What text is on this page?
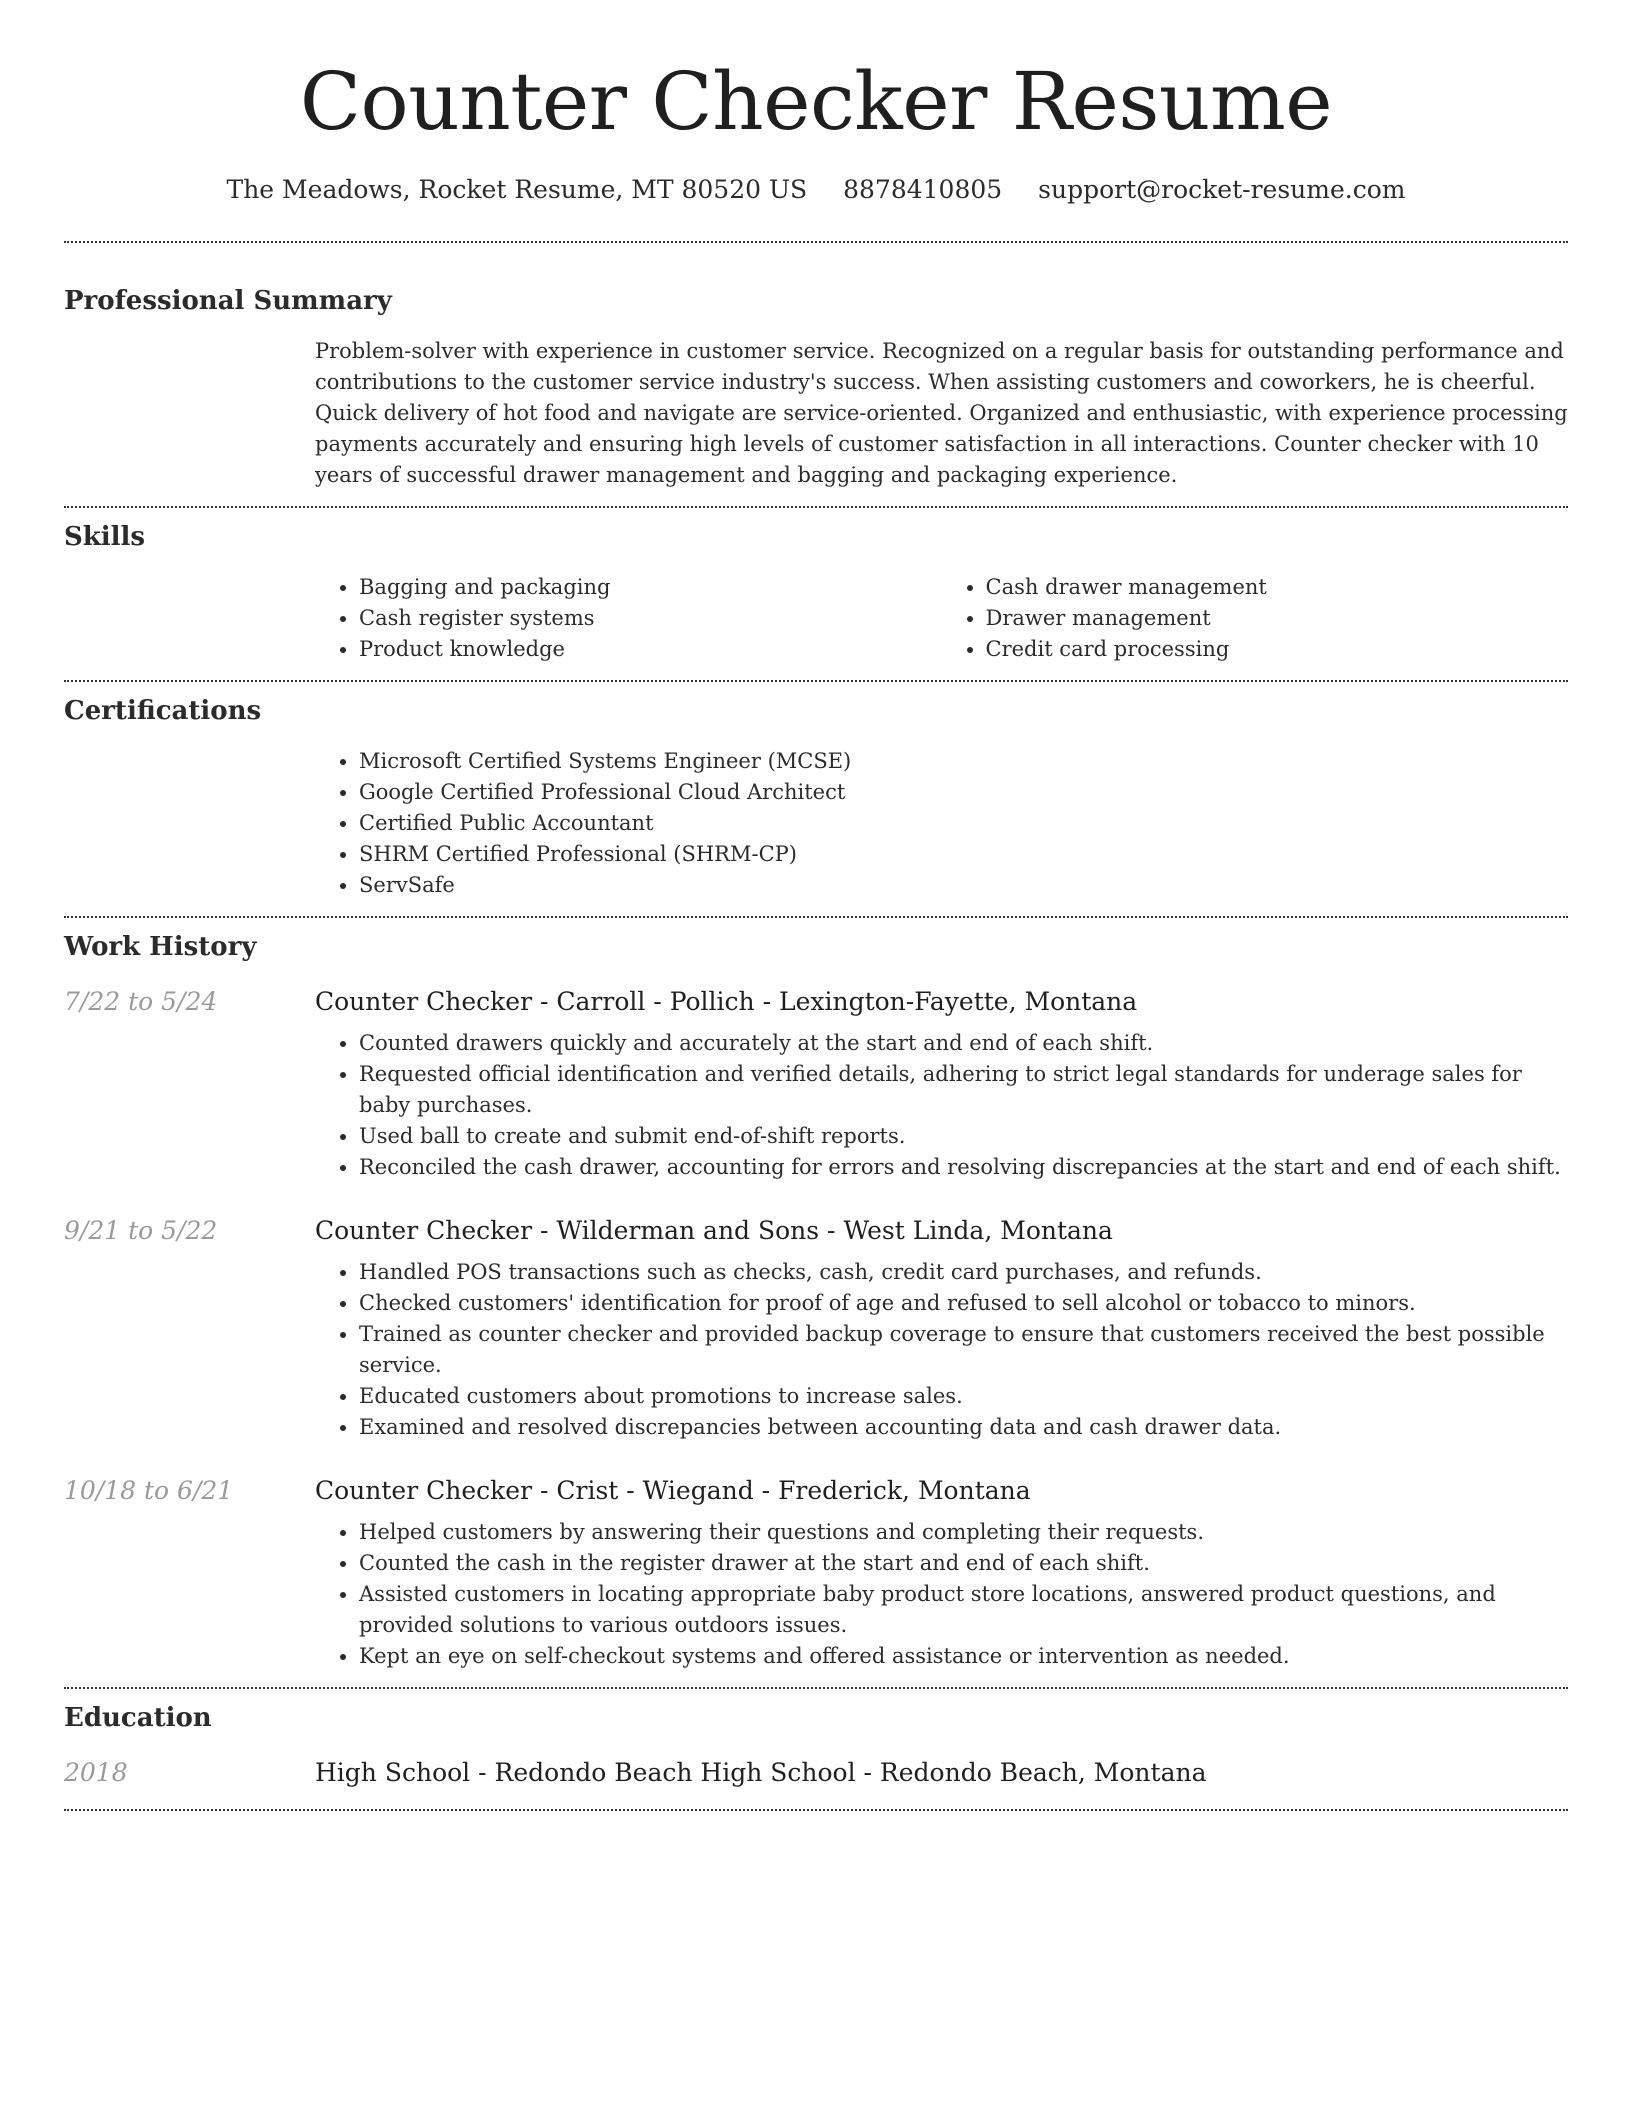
Counter Checker Resume
The Meadows, Rocket Resume, MT 80520 US 8878410805 support@rocket-resume.com
Professional Summary
Problem-solver with experience in customer service. Recognized on a regular basis for outstanding performance and contributions to the customer service industry's success. When assisting customers and coworkers, he is cheerful. Quick delivery of hot food and navigate are service-oriented. Organized and enthusiastic, with experience processing payments accurately and ensuring high levels of customer satisfaction in all interactions. Counter checker with 10 years of successful drawer management and bagging and packaging experience.
Skills
• Bagging and packaging
• Cash register systems
• Product knowledge
• Cash drawer management
• Drawer management
• Credit card processing
Certifications
• Microsoft Certified Systems Engineer (MCSE)
• Google Certified Professional Cloud Architect
• Certified Public Accountant
• SHRM Certified Professional (SHRM-CP)
• ServSafe
Work History
7/22 to 5/24	Counter Checker - Carroll - Pollich - Lexington-Fayette, Montana
• Counted drawers quickly and accurately at the start and end of each shift.
• Requested official identification and verified details, adhering to strict legal standards for underage sales for baby purchases.
• Used ball to create and submit end-of-shift reports.
• Reconciled the cash drawer, accounting for errors and resolving discrepancies at the start and end of each shift.
9/21 to 5/22	Counter Checker - Wilderman and Sons - West Linda, Montana
• Handled POS transactions such as checks, cash, credit card purchases, and refunds.
• Checked customers' identification for proof of age and refused to sell alcohol or tobacco to minors.
• Trained as counter checker and provided backup coverage to ensure that customers received the best possible service.
• Educated customers about promotions to increase sales.
• Examined and resolved discrepancies between accounting data and cash drawer data.
10/18 to 6/21	Counter Checker - Crist - Wiegand - Frederick, Montana
• Helped customers by answering their questions and completing their requests.
• Counted the cash in the register drawer at the start and end of each shift.
• Assisted customers in locating appropriate baby product store locations, answered product questions, and provided solutions to various outdoors issues.
• Kept an eye on self-checkout systems and offered assistance or intervention as needed.
Education
2018	High School - Redondo Beach High School - Redondo Beach, Montana
